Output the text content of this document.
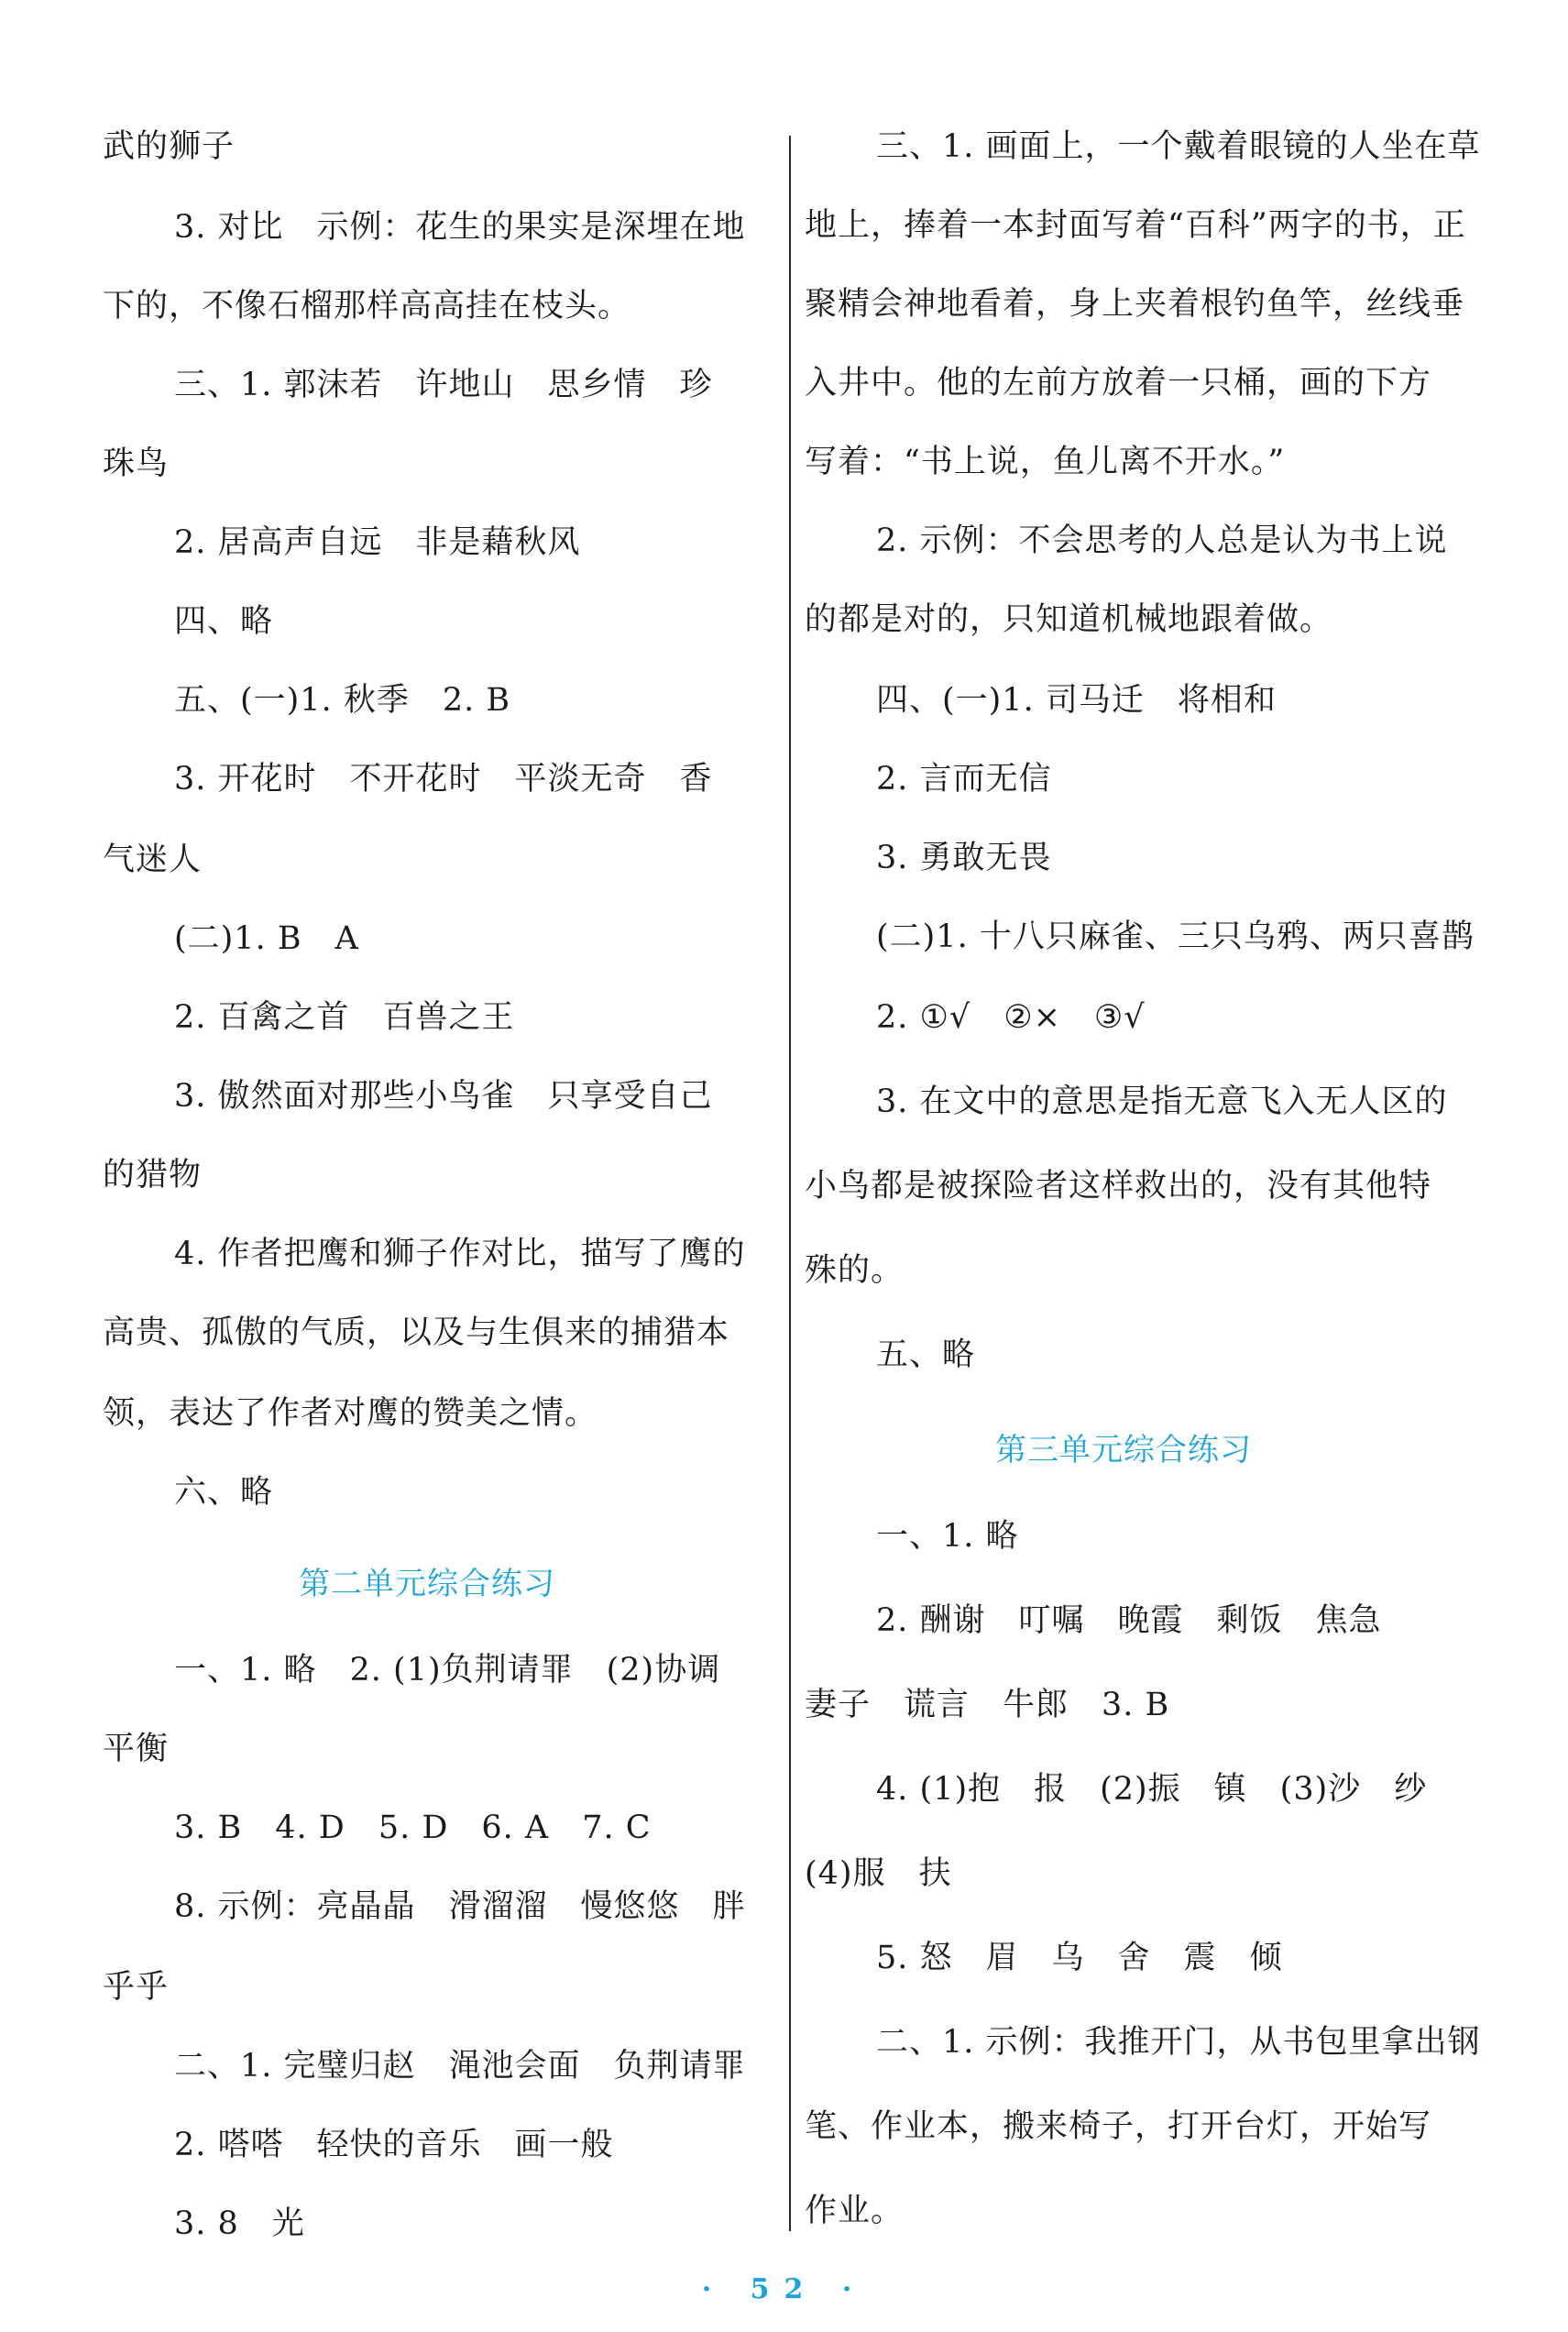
武的狮子
3. 对比　示例：花生的果实是深埋在地
下的，不像石榴那样高高挂在枝头。
三、1. 郭沫若　许地山　思乡情　珍
珠鸟
2. 居高声自远　非是藉秋风
四、略
五、(一)1. 秋季　2. B
3. 开花时　不开花时　平淡无奇　香
气迷人
(二)1. B　A
2. 百禽之首　百兽之王
3. 傲然面对那些小鸟雀　只享受自己
的猎物
4. 作者把鹰和狮子作对比，描写了鹰的
高贵、孤傲的气质，以及与生俱来的捕猎本
领，表达了作者对鹰的赞美之情。
六、略
第二单元综合练习
一、1. 略　2. (1)负荆请罪　(2)协调
平衡
3. B　4. D　5. D　6. A　7. C
8. 示例：亮晶晶　滑溜溜　慢悠悠　胖
乎乎
二、1. 完璧归赵　渑池会面　负荆请罪
2. 嗒嗒　轻快的音乐　画一般
3. 8　光
三、1. 画面上，一个戴着眼镜的人坐在草
地上，捧着一本封面写着“百科”两字的书，正
聚精会神地看着，身上夹着根钓鱼竿，丝线垂
入井中。他的左前方放着一只桶，画的下方
写着：“书上说，鱼儿离不开水。”
2. 示例：不会思考的人总是认为书上说
的都是对的，只知道机械地跟着做。
四、(一)1. 司马迁　将相和
2. 言而无信
3. 勇敢无畏
(二)1. 十八只麻雀、三只乌鸦、两只喜鹊
2. ①√　②×　③√
3. 在文中的意思是指无意飞入无人区的
小鸟都是被探险者这样救出的，没有其他特
殊的。
五、略
第三单元综合练习
一、1. 略
2. 酬谢　叮嘱　晚霞　剩饭　焦急
妻子　谎言　牛郎　3. B
4. (1)抱　报　(2)振　镇　(3)沙　纱
(4)服　扶
5. 怒　眉　乌　舍　震　倾
二、1. 示例：我推开门，从书包里拿出钢
笔、作业本，搬来椅子，打开台灯，开始写
作业。
· 52 ·
